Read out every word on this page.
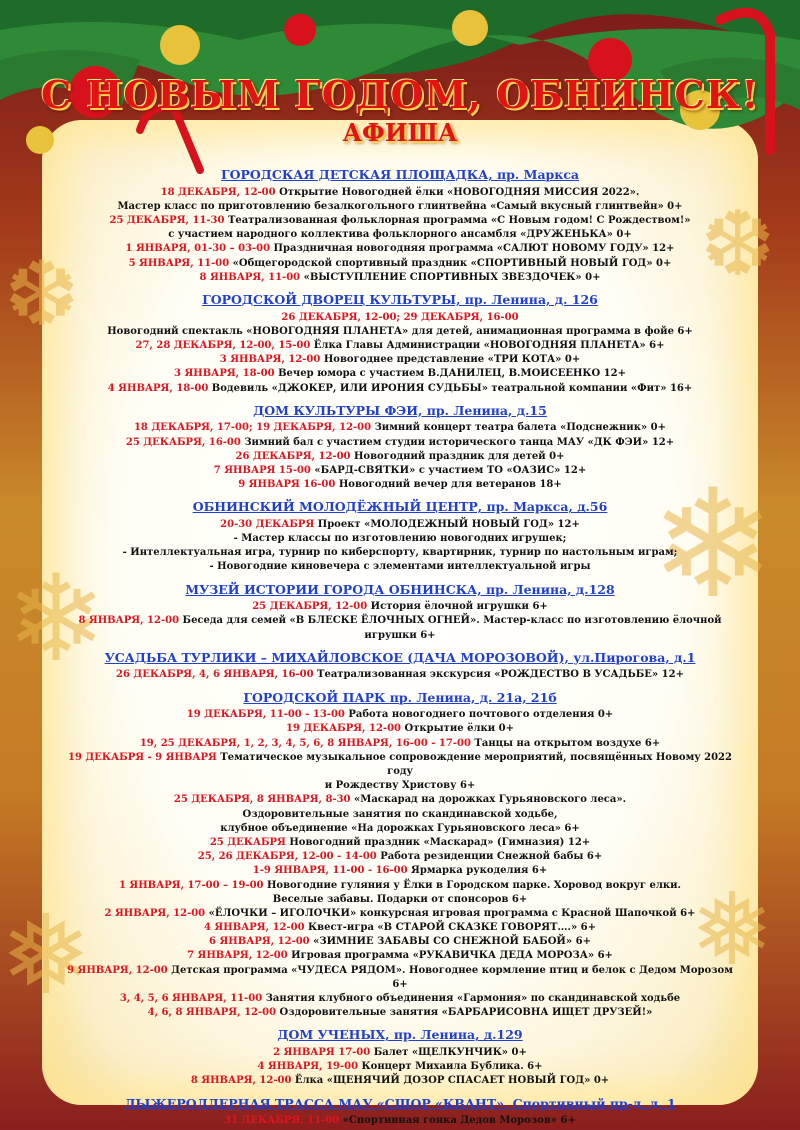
❄
❄
❅	❅
❆
❆
С НОВЫМ ГОДОМ, ОБНИНСК!
АФИША
ГОРОДСКАЯ ДЕТСКАЯ ПЛОЩАДКА, пр. Маркса
18 ДЕКАБРЯ, 12-00 Открытие Новогодней ёлки «НОВОГОДНЯЯ МИССИЯ 2022».
Мастер класс по приготовлению безалкогольного глинтвейна «Самый вкусный глинтвейн» 0+
25 ДЕКАБРЯ, 11-30 Театрализованная фольклорная программа «С Новым годом! С Рождеством!»
с участием народного коллектива фольклорного ансамбля «ДРУЖЕНЬКА» 0+
1 ЯНВАРЯ, 01-30 – 03-00 Праздничная новогодняя программа «САЛЮТ НОВОМУ ГОДУ» 12+
5 ЯНВАРЯ, 11-00 «Общегородской спортивный праздник «СПОРТИВНЫЙ НОВЫЙ ГОД» 0+
8 ЯНВАРЯ, 11-00 «ВЫСТУПЛЕНИЕ СПОРТИВНЫХ ЗВЕЗДОЧЕК» 0+
ГОРОДСКОЙ ДВОРЕЦ КУЛЬТУРЫ, пр. Ленина, д. 126
26 ДЕКАБРЯ, 12-00; 29 ДЕКАБРЯ, 16-00
Новогодний спектакль «НОВОГОДНЯЯ ПЛАНЕТА» для детей, анимационная программа в фойе 6+
27, 28 ДЕКАБРЯ, 12-00, 15-00 Ёлка Главы Администрации «НОВОГОДНЯЯ ПЛАНЕТА» 6+
3 ЯНВАРЯ, 12-00 Новогоднее представление «ТРИ КОТА» 0+
3 ЯНВАРЯ, 18-00 Вечер юмора с участием В.ДАНИЛЕЦ, В.МОИСЕЕНКО 12+
4 ЯНВАРЯ, 18-00 Водевиль «ДЖОКЕР, ИЛИ ИРОНИЯ СУДЬБЫ» театральной компании «Фит» 16+
ДОМ КУЛЬТУРЫ ФЭИ, пр. Ленина, д.15
18 ДЕКАБРЯ, 17-00; 19 ДЕКАБРЯ, 12-00 Зимний концерт театра балета «Подснежник» 0+
25 ДЕКАБРЯ, 16-00 Зимний бал с участием студии исторического танца МАУ «ДК ФЭИ» 12+
26 ДЕКАБРЯ, 12-00 Новогодний праздник для детей 0+
7 ЯНВАРЯ 15-00 «БАРД-СВЯТКИ» с участием ТО «ОАЗИС» 12+
9 ЯНВАРЯ 16-00 Новогодний вечер для ветеранов 18+
ОБНИНСКИЙ МОЛОДЁЖНЫЙ ЦЕНТР, пр. Маркса, д.56
20-30 ДЕКАБРЯ Проект «МОЛОДЕЖНЫЙ НОВЫЙ ГОД» 12+
- Мастер классы по изготовлению новогодних игрушек;
- Интеллектуальная игра, турнир по киберспорту, квартирник, турнир по настольным играм;
- Новогодние киновечера с элементами интеллектуальной игры
МУЗЕЙ ИСТОРИИ ГОРОДА ОБНИНСКА, пр. Ленина, д.128
25 ДЕКАБРЯ, 12-00 История ёлочной игрушки 6+
8 ЯНВАРЯ, 12-00 Беседа для семей «В БЛЕСКЕ ЁЛОЧНЫХ ОГНЕЙ». Мастер-класс по изготовлению ёлочной игрушки 6+
УСАДЬБА ТУРЛИКИ – МИХАЙЛОВСКОЕ (ДАЧА МОРОЗОВОЙ), ул.Пирогова, д.1
26 ДЕКАБРЯ, 4, 6 ЯНВАРЯ, 16-00 Театрализованная экскурсия «РОЖДЕСТВО В УСАДЬБЕ» 12+
ГОРОДСКОЙ ПАРК пр. Ленина, д. 21а, 21б
19 ДЕКАБРЯ, 11-00 - 13-00 Работа новогоднего почтового отделения 0+
19 ДЕКАБРЯ, 12-00 Открытие ёлки 0+
19, 25 ДЕКАБРЯ, 1, 2, 3, 4, 5, 6, 8 ЯНВАРЯ, 16-00 - 17-00 Танцы на открытом воздухе 6+
19 ДЕКАБРЯ - 9 ЯНВАРЯ Тематическое музыкальное сопровождение мероприятий, посвящённых Новому 2022 году
и Рождеству Христову 6+
25 ДЕКАБРЯ, 8 ЯНВАРЯ, 8-30 «Маскарад на дорожках Гурьяновского леса».
Оздоровительные занятия по скандинавской ходьбе,
клубное объединение «На дорожках Гурьяновского леса» 6+
25 ДЕКАБРЯ Новогодний праздник «Маскарад» (Гимназия) 12+
25, 26 ДЕКАБРЯ, 12-00 - 14-00 Работа резиденции Снежной бабы 6+
1-9 ЯНВАРЯ, 11-00 - 16-00 Ярмарка рукоделия 6+
1 ЯНВАРЯ, 17-00 – 19-00 Новогодние гуляния у Ёлки в Городском парке. Хоровод вокруг елки.
Веселые забавы. Подарки от спонсоров 6+
2 ЯНВАРЯ, 12-00 «ЁЛОЧКИ – ИГОЛОЧКИ» конкурсная игровая программа с Красной Шапочкой 6+
4 ЯНВАРЯ, 12-00 Квест-игра «В СТАРОЙ СКАЗКЕ ГОВОРЯТ….» 6+
6 ЯНВАРЯ, 12-00 «ЗИМНИЕ ЗАБАВЫ СО СНЕЖНОЙ БАБОЙ» 6+
7 ЯНВАРЯ, 12-00 Игровая программа «РУКАВИЧКА ДЕДА МОРОЗА» 6+
9 ЯНВАРЯ, 12-00 Детская программа «ЧУДЕСА РЯДОМ». Новогоднее кормление птиц и белок с Дедом Морозом 6+
3, 4, 5, 6 ЯНВАРЯ, 11-00 Занятия клубного объединения «Гармония» по скандинавской ходьбе
4, 6, 8 ЯНВАРЯ, 12-00 Оздоровительные занятия «БАРБАРИСОВНА ИЩЕТ ДРУЗЕЙ!»
ДОМ УЧЕНЫХ, пр. Ленина, д.129
2 ЯНВАРЯ 17-00 Балет «ЩЕЛКУНЧИК» 0+
4 ЯНВАРЯ, 19-00 Концерт Михаила Бублика. 6+
8 ЯНВАРЯ, 12-00 Ёлка «ЩЕНЯЧИЙ ДОЗОР СПАСАЕТ НОВЫЙ ГОД» 0+
ЛЫЖЕРОЛЛЕРНАЯ ТРАССА МАУ «СШОР «КВАНТ», Спортивный пр-д, д. 1
31 ДЕКАБРЯ, 11-00 «Спортивная гонка Дедов Морозов» 6+
